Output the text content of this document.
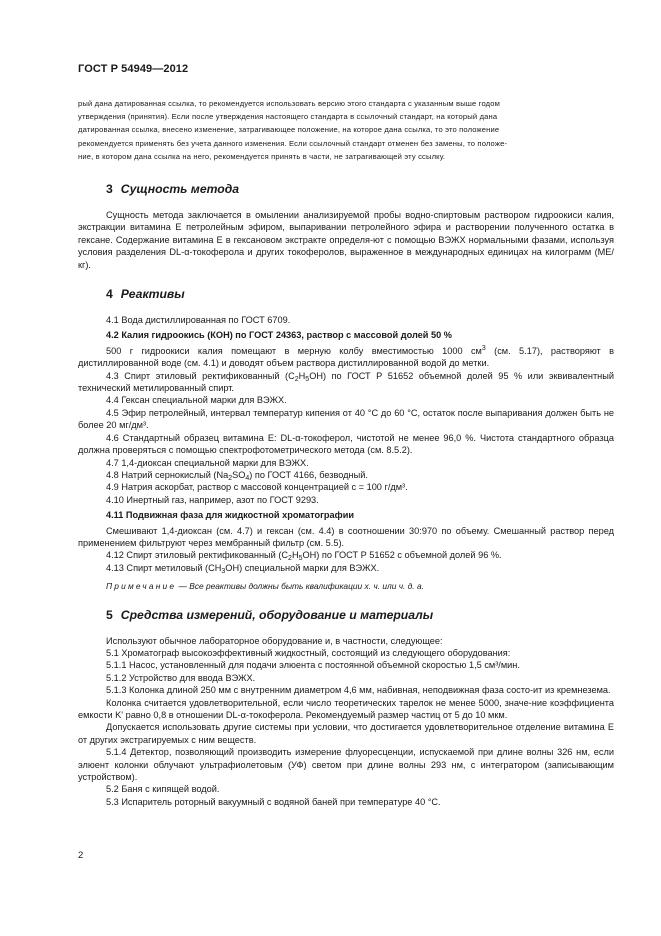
ГОСТ Р 54949—2012

рый дана датированная ссылка, то рекомендуется использовать версию этого стандарта с указанным выше годом

утверждения (принятия). Если после утверждения настоящего стандарта в ссылочный стандарт, на который дана

датированная ссылка, внесено изменение, затрагивающее положение, на которое дана ссылка, то это положение

рекомендуется применять без учета данного изменения. Если ссылочный стандарт отменен без замены, то положе-

ние, в котором дана ссылка на него, рекомендуется принять в части, не затрагивающей эту ссылку.

3 Сущность метода

Сущность метода заключается в омылении анализируемой пробы водно-спиртовым раствором гидроокиси калия, экстракции витамина Е петролейным эфиром, выпаривании петролейного эфира и растворении полученного остатка в гексане. Содержание витамина Е в гексановом экстракте определя-ют с помощью ВЭЖХ нормальными фазами, используя условия разделения DL-α-токоферола и других токоферолов, выраженное в международных единицах на килограмм (МЕ/кг).

4 Реактивы

4.1 Вода дистиллированная по ГОСТ 6709.

4.2 Калия гидроокись (КОН) по ГОСТ 24363, раствор с массовой долей 50 %

500 г гидроокиси калия помещают в мерную колбу вместимостью 1000 $см^3$ (см. 5.17), растворяют в дистиллированной воде (см. 4.1) и доводят объем раствора дистиллированной водой до метки.

4.3 Спирт этиловый ректификованный $(C_2H_5OH)$ по ГОСТ Р 51652 объемной долей 95 % или эквивалентный технический метилированный спирт.

4.4 Гексан специальной марки для ВЭЖХ.

4.5 Эфир петролейный, интервал температур кипения от 40 °С до 60 °С, остаток после выпаривания должен быть не более 20 мг/дм³.

4.6 Стандартный образец витамина Е: DL-α-токоферол, чистотой не менее 96,0 %. Чистота стандартного образца должна проверяться с помощью спектрофотометрического метода (см. 8.5.2).

4.7 1,4-диоксан специальной марки для ВЭЖХ.

4.8 Натрий сернокислый $(Na_2SO_4)$ по ГОСТ 4166, безводный.

4.9 Натрия аскорбат, раствор с массовой концентрацией c = 100 г/дм³.

4.10 Инертный газ, например, азот по ГОСТ 9293.

4.11 Подвижная фаза для жидкостной хроматографии

Смешивают 1,4-диоксан (см. 4.7) и гексан (см. 4.4) в соотношении 30:970 по объему. Смешанный раствор перед применением фильтруют через мембранный фильтр (см. 5.5).

4.12 Спирт этиловый ректификованный $(C_2H_5OH)$ по ГОСТ Р 51652 с объемной долей 96 %.

4.13 Спирт метиловый $(CH_3OH)$ специальной марки для ВЭЖХ.

Примечание — Все реактивы должны быть квалификации х. ч. или ч. д. а.

5 Средства измерений, оборудование и материалы

Используют обычное лабораторное оборудование и, в частности, следующее:

5.1 Хроматограф высокоэффективный жидкостный, состоящий из следующего оборудования:

5.1.1 Насос, установленный для подачи элюента с постоянной объемной скоростью 1,5 см³/мин.

5.1.2 Устройство для ввода ВЭЖХ.

5.1.3 Колонка длиной 250 мм с внутренним диаметром 4,6 мм, набивная, неподвижная фаза состо-ит из кремнезема.

Колонка считается удовлетворительной, если число теоретических тарелок не менее 5000, значе-ние коэффициента емкости K' равно 0,8 в отношении DL-α-токоферола. Рекомендуемый размер частиц от 5 до 10 мкм.

Допускается использовать другие системы при условии, что достигается удовлетворительное отделение витамина Е от других экстрагируемых с ним веществ.

5.1.4 Детектор, позволяющий производить измерение флуоресценции, испускаемой при длине волны 326 нм, если элюент колонки облучают ультрафиолетовым (УФ) светом при длине волны 293 нм, с интегратором (записывающим устройством).

5.2 Баня с кипящей водой.

5.3 Испаритель роторный вакуумный с водяной баней при температуре 40 °С.

2
